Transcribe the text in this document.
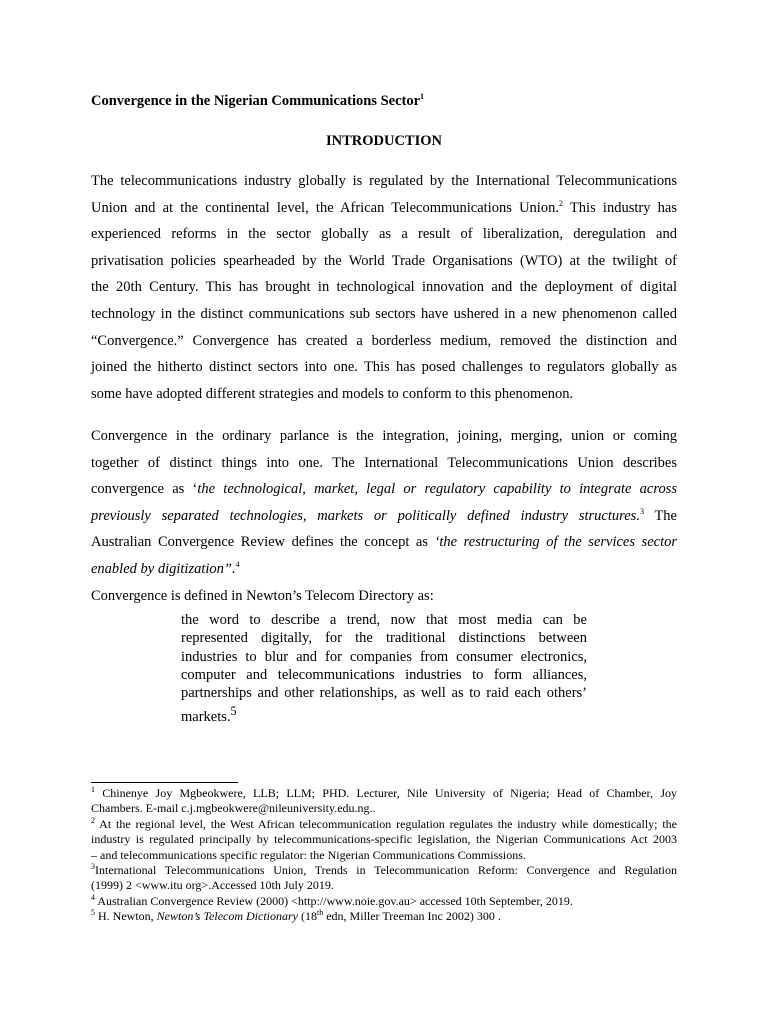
Convergence in the Nigerian Communications Sector$^1$
INTRODUCTION
The telecommunications industry globally is regulated by the International Telecommunications
Union and at the continental level, the African Telecommunications Union.$^2$ This industry has
experienced reforms in the sector globally as a result of liberalization, deregulation and
privatisation policies spearheaded by the World Trade Organisations (WTO) at the twilight of
the 20th Century. This has brought in technological innovation and the deployment of digital
technology in the distinct communications sub sectors have ushered in a new phenomenon called
“Convergence.” Convergence has created a borderless medium, removed the distinction and
joined the hitherto distinct sectors into one. This has posed challenges to regulators globally as
some have adopted different strategies and models to conform to this phenomenon.
Convergence in the ordinary parlance is the integration, joining, merging, union or coming
together of distinct things into one. The International Telecommunications Union describes
convergence as ‘the technological, market, legal or regulatory capability to integrate across
previously separated technologies, markets or politically defined industry structures.$^3$ The
Australian Convergence Review defines the concept as ‘the restructuring of the services sector
enabled by digitization”.$^4$
Convergence is defined in Newton’s Telecom Directory as:
the word to describe a trend, now that most media can be
represented digitally, for the traditional distinctions between
industries to blur and for companies from consumer electronics,
computer and telecommunications industries to form alliances,
partnerships and other relationships, as well as to raid each others’
markets.$^5$
$^1$ Chinenye Joy Mgbeokwere, LLB; LLM; PHD. Lecturer, Nile University of Nigeria; Head of Chamber, Joy
Chambers. E-mail c.j.mgbeokwere@nileuniversity.edu.ng..
$^2$ At the regional level, the West African telecommunication regulation regulates the industry while domestically; the
industry is regulated principally by telecommunications-specific legislation, the Nigerian Communications Act 2003
– and telecommunications specific regulator: the Nigerian Communications Commissions.
$^3$International Telecommunications Union, Trends in Telecommunication Reform: Convergence and Regulation
(1999) 2 <www.itu org>.Accessed 10th July 2019.
$^4$ Australian Convergence Review (2000) <http://www.noie.gov.au> accessed 10th September, 2019.
$^5$ H. Newton, Newton’s Telecom Dictionary (18th edn, Miller Treeman Inc 2002) 300 .
